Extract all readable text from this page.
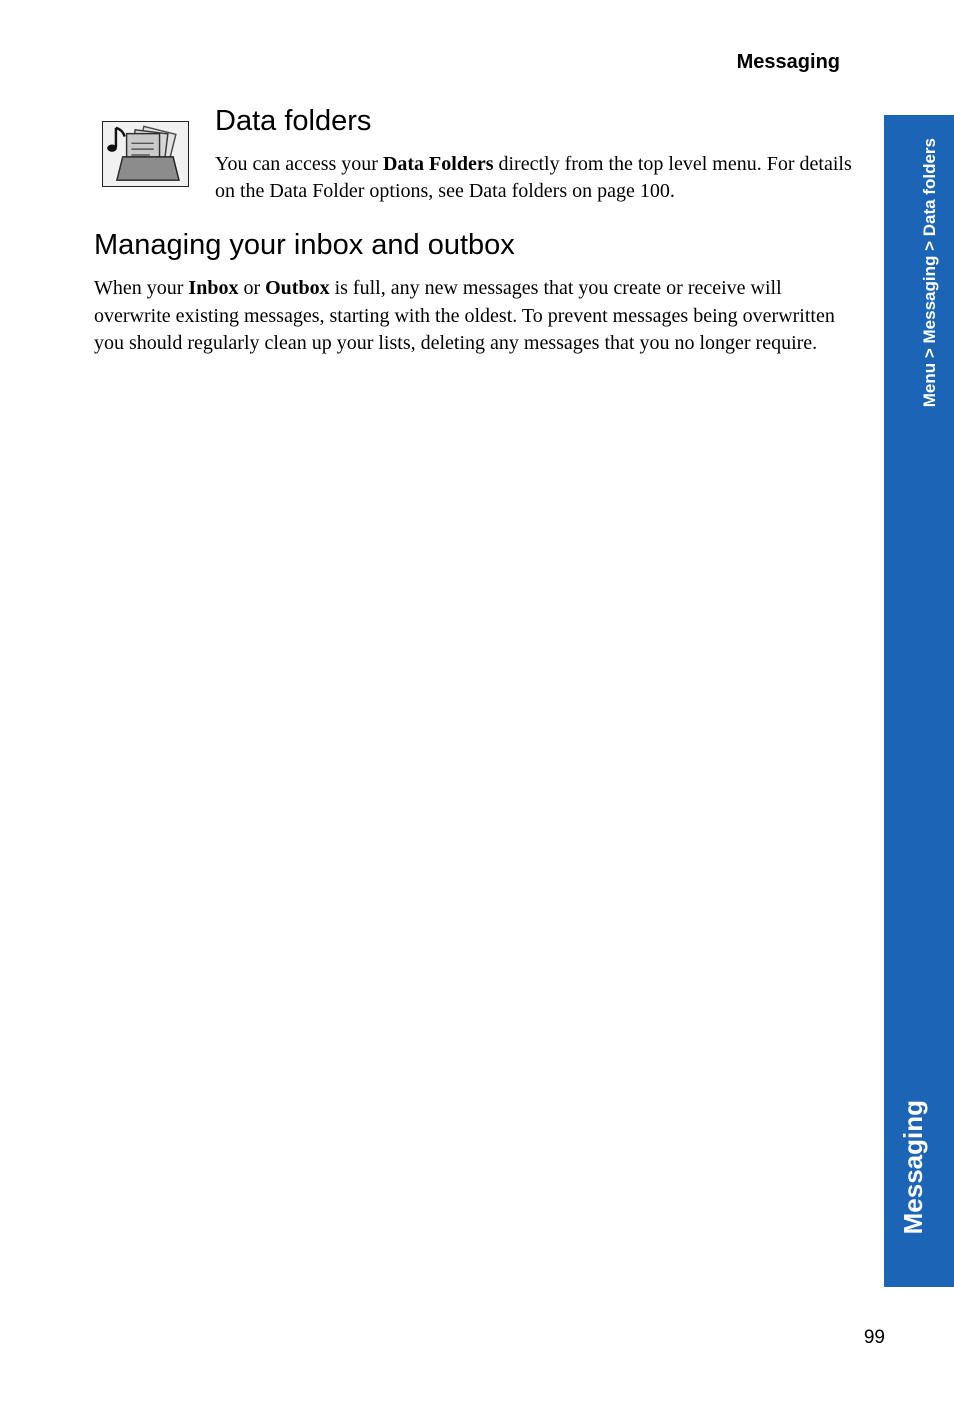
Messaging
Menu > Messaging > Data folders
Messaging
Data folders

You can access your Data Folders directly from the top level menu. For details on the Data Folder options, see Data folders on page 100.

Managing your inbox and outbox

When your Inbox or Outbox is full, any new messages that you create or receive will overwrite existing messages, starting with the oldest. To prevent messages being overwritten you should regularly clean up your lists, deleting any messages that you no longer require.

99
